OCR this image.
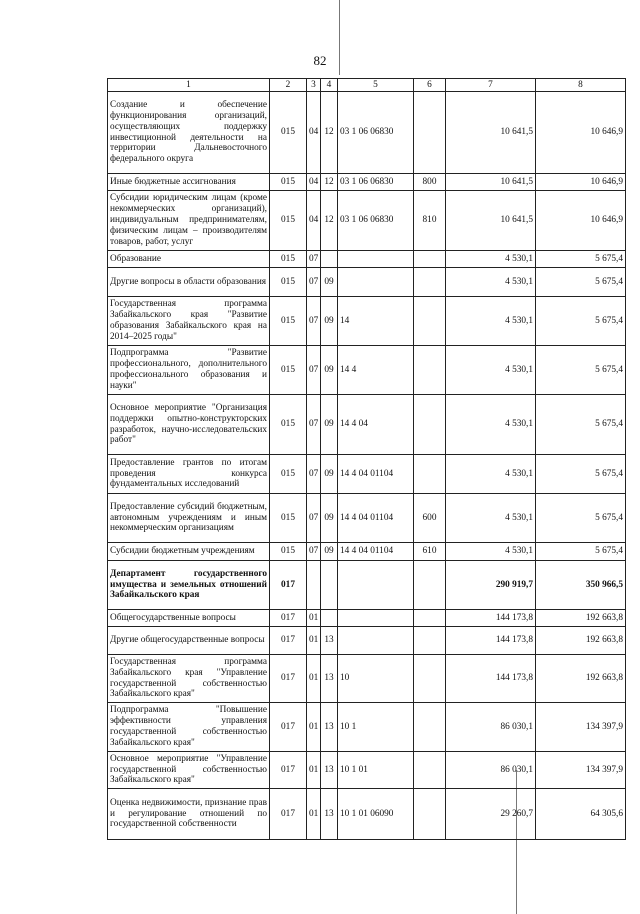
82
1	2	3	4	5	6	7	8
Создание и обеспечение функционирования организаций, осуществляющих поддержку инвестиционной деятельности на территории Дальневосточного федерального округа	015	04	12	03 1 06 06830		10 641,5	10 646,9
Иные бюджетные ассигнования	015	04	12	03 1 06 06830	800	10 641,5	10 646,9
Субсидии юридическим лицам (кроме некоммерческих организаций), индивидуальным предпринимателям, физическим лицам – производителям товаров, работ, услуг	015	04	12	03 1 06 06830	810	10 641,5	10 646,9
Образование	015	07				4 530,1	5 675,4
Другие вопросы в области образования	015	07	09			4 530,1	5 675,4
Государственная программа Забайкальского края "Развитие образования Забайкальского края на 2014–2025 годы"	015	07	09	14		4 530,1	5 675,4
Подпрограмма "Развитие профессионального, дополнительного профессионального образования и науки"	015	07	09	14 4		4 530,1	5 675,4
Основное мероприятие "Организация поддержки опытно-конструкторских разработок, научно-исследовательских работ"	015	07	09	14 4 04		4 530,1	5 675,4
Предоставление грантов по итогам проведения конкурса фундаментальных исследований	015	07	09	14 4 04 01104		4 530,1	5 675,4
Предоставление субсидий бюджетным, автономным учреждениям и иным некоммерческим организациям	015	07	09	14 4 04 01104	600	4 530,1	5 675,4
Субсидии бюджетным учреждениям	015	07	09	14 4 04 01104	610	4 530,1	5 675,4
Департамент государственного имущества и земельных отношений Забайкальского края	017					290 919,7	350 966,5
Общегосударственные вопросы	017	01				144 173,8	192 663,8
Другие общегосударственные вопросы	017	01	13			144 173,8	192 663,8
Государственная программа Забайкальского края "Управление государственной собственностью Забайкальского края"	017	01	13	10		144 173,8	192 663,8
Подпрограмма "Повышение эффективности управления государственной собственностью Забайкальского края"	017	01	13	10 1		86 030,1	134 397,9
Основное мероприятие "Управление государственной собственностью Забайкальского края"	017	01	13	10 1 01		86 030,1	134 397,9
Оценка недвижимости, признание прав и регулирование отношений по государственной собственности	017	01	13	10 1 01 06090		29 260,7	64 305,6
